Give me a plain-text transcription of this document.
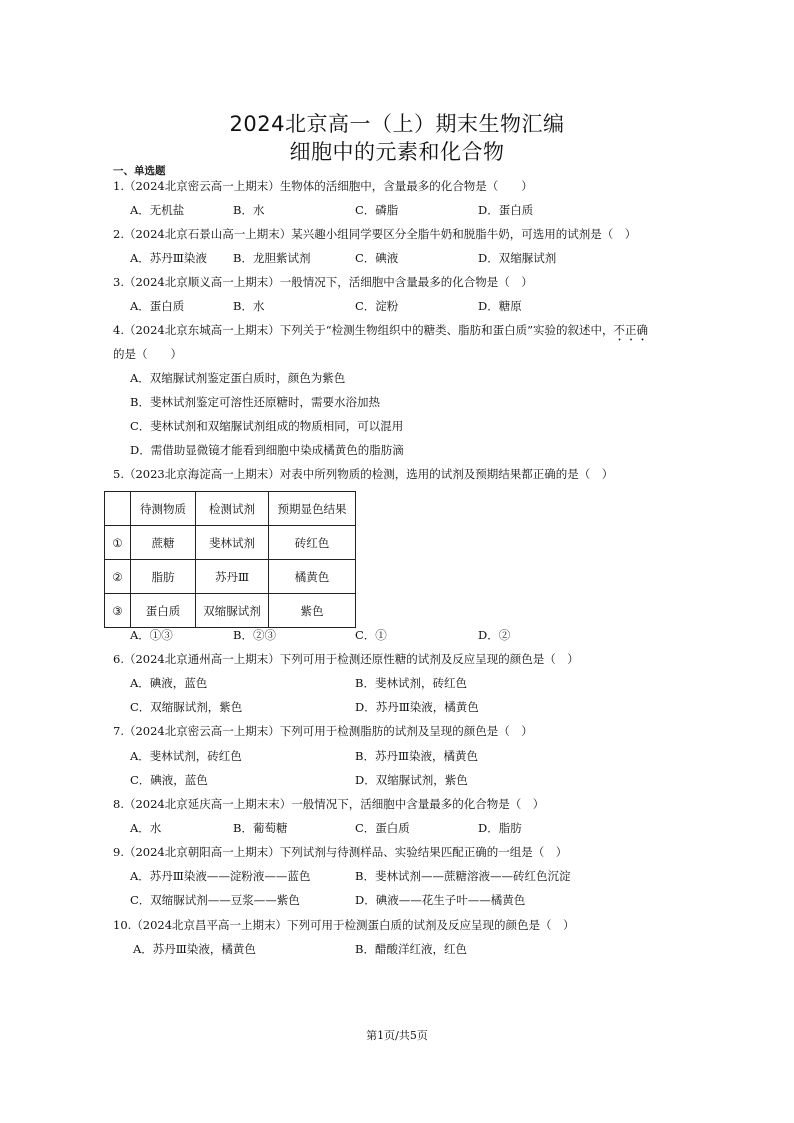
2024北京高一（上）期末生物汇编
细胞中的元素和化合物
一、单选题
1.（2024北京密云高一上期末）生物体的活细胞中，含量最多的化合物是（　　）
A．无机盐	B．水	C．磷脂	D．蛋白质
2.（2024北京石景山高一上期末）某兴趣小组同学要区分全脂牛奶和脱脂牛奶，可选用的试剂是（　）
A．苏丹Ⅲ染液 B．龙胆紫试剂	C．碘液	D．双缩脲试剂
3.（2024北京顺义高一上期末）一般情况下，活细胞中含量最多的化合物是（　）
A．蛋白质	B．水	C．淀粉	D．糖原
4.（2024北京东城高一上期末）下列关于“检测生物组织中的糖类、脂肪和蛋白质”实验的叙述中，不正确
的是（　　）
A．双缩脲试剂鉴定蛋白质时，颜色为紫色
B．斐林试剂鉴定可溶性还原糖时，需要水浴加热
C．斐林试剂和双缩脲试剂组成的物质相同，可以混用
D．需借助显微镜才能看到细胞中染成橘黄色的脂肪滴
5.（2023北京海淀高一上期末）对表中所列物质的检测，选用的试剂及预期结果都正确的是（　）
	待测物质	检测试剂	预期显色结果
①	蔗糖	斐林试剂	砖红色
②	脂肪	苏丹Ⅲ	橘黄色
③	蛋白质	双缩脲试剂	紫色
A．①③	B．②③	C．①	D．②
6.（2024北京通州高一上期末）下列可用于检测还原性糖的试剂及反应呈现的颜色是（　）
A．碘液，蓝色	B．斐林试剂，砖红色
C．双缩脲试剂，紫色	D．苏丹Ⅲ染液，橘黄色
7.（2024北京密云高一上期末）下列可用于检测脂肪的试剂及呈现的颜色是（　）
A．斐林试剂，砖红色	B．苏丹Ⅲ染液，橘黄色
C．碘液，蓝色	D．双缩脲试剂，紫色
8.（2024北京延庆高一上期末末）一般情况下，活细胞中含量最多的化合物是（　）
A．水	B．葡萄糖	C．蛋白质	D．脂肪
9.（2024北京朝阳高一上期末）下列试剂与待测样品、实验结果匹配正确的一组是（　）
A．苏丹Ⅲ染液——淀粉液——蓝色	B．斐林试剂——蔗糖溶液——砖红色沉淀
C．双缩脲试剂——豆浆——紫色	D．碘液——花生子叶——橘黄色
10.（2024北京昌平高一上期末）下列可用于检测蛋白质的试剂及反应呈现的颜色是（　）
A．苏丹Ⅲ染液，橘黄色	B．醋酸洋红液，红色
第1页/共5页
